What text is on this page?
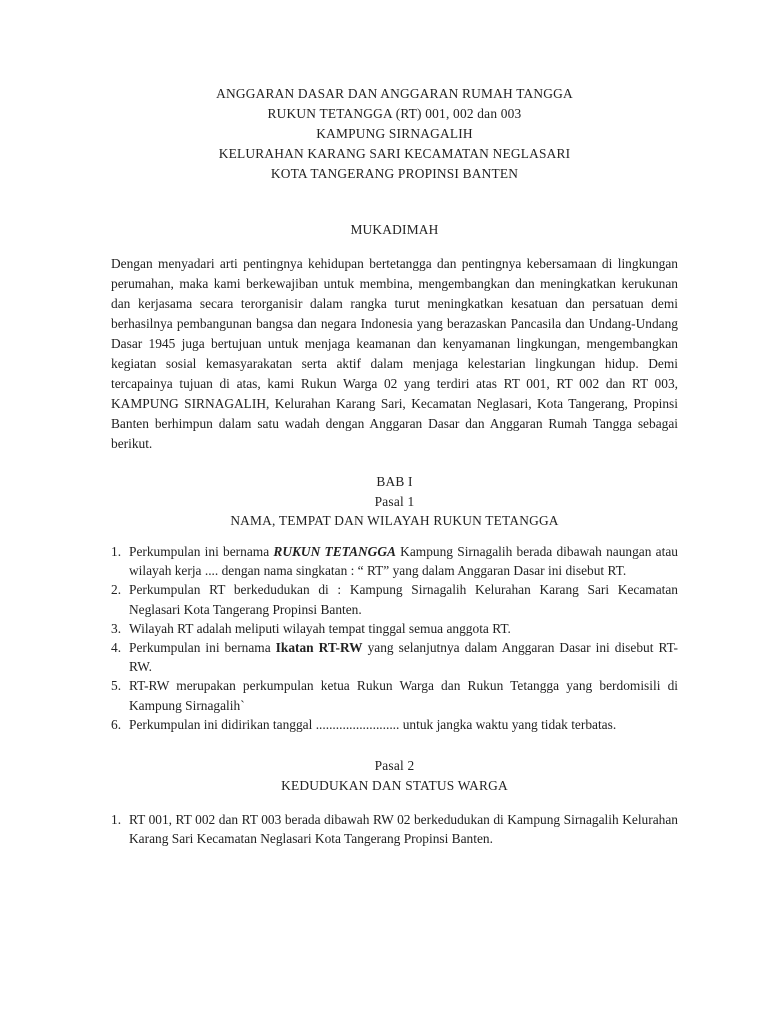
ANGGARAN DASAR DAN ANGGARAN RUMAH TANGGA
RUKUN TETANGGA (RT) 001, 002 dan 003
KAMPUNG SIRNAGALIH
KELURAHAN KARANG SARI KECAMATAN NEGLASARI
KOTA TANGERANG PROPINSI BANTEN
MUKADIMAH

Dengan menyadari arti pentingnya kehidupan bertetangga dan pentingnya kebersamaan di lingkungan perumahan, maka kami berkewajiban untuk membina, mengembangkan dan meningkatkan kerukunan dan kerjasama secara terorganisir dalam rangka turut meningkatkan kesatuan dan persatuan demi berhasilnya pembangunan bangsa dan negara Indonesia yang berazaskan Pancasila dan Undang-Undang Dasar 1945 juga bertujuan untuk menjaga keamanan dan kenyamanan lingkungan, mengembangkan kegiatan sosial kemasyarakatan serta aktif dalam menjaga kelestarian lingkungan hidup. Demi tercapainya tujuan di atas, kami Rukun Warga 02 yang terdiri atas RT 001, RT 002 dan RT 003, KAMPUNG SIRNAGALIH, Kelurahan Karang Sari, Kecamatan Neglasari, Kota Tangerang, Propinsi Banten berhimpun dalam satu wadah dengan Anggaran Dasar dan Anggaran Rumah Tangga sebagai berikut.

BAB I
Pasal 1
NAMA, TEMPAT DAN WILAYAH RUKUN TETANGGA
1. Perkumpulan ini bernama RUKUN TETANGGA Kampung Sirnagalih berada dibawah naungan atau wilayah kerja .... dengan nama singkatan : “ RT” yang dalam Anggaran Dasar ini disebut RT.
2. Perkumpulan RT berkedudukan di : Kampung Sirnagalih Kelurahan Karang Sari Kecamatan Neglasari Kota Tangerang Propinsi Banten.
3. Wilayah RT adalah meliputi wilayah tempat tinggal semua anggota RT.
4. Perkumpulan ini bernama Ikatan RT-RW yang selanjutnya dalam Anggaran Dasar ini disebut RT-RW.
5. RT-RW merupakan perkumpulan ketua Rukun Warga dan Rukun Tetangga yang berdomisili di Kampung Sirnagalih`
6. Perkumpulan ini didirikan tanggal ......................... untuk jangka waktu yang tidak terbatas.
Pasal 2
KEDUDUKAN DAN STATUS WARGA
1. RT 001, RT 002 dan RT 003 berada dibawah RW 02 berkedudukan di Kampung Sirnagalih Kelurahan Karang Sari Kecamatan Neglasari Kota Tangerang Propinsi Banten.
